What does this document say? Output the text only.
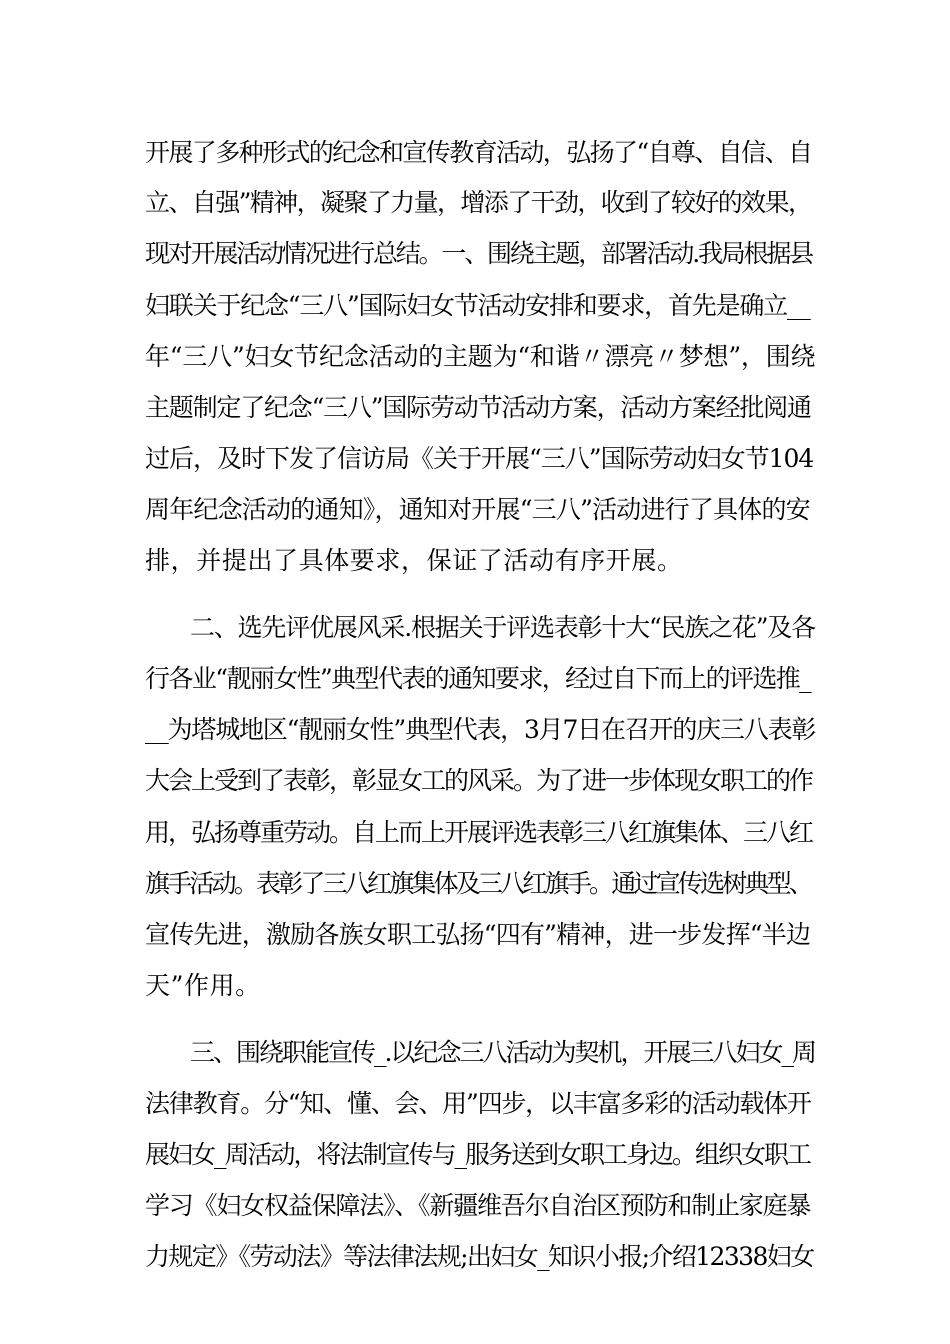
开展了多种形式的纪念和宣传教育活动，弘扬了“自尊、自信、自
立、自强”精神，凝聚了力量，增添了干劲，收到了较好的效果，
现对开展活动情况进行总结。一、围绕主题，部署活动.我局根据县
妇联关于纪念“三八”国际妇女节活动安排和要求，首先是确立__
年“三八”妇女节纪念活动的主题为“和谐〃漂亮〃梦想”，围绕
主题制定了纪念“三八”国际劳动节活动方案，活动方案经批阅通
过后，及时下发了信访局《关于开展“三八”国际劳动妇女节104
周年纪念活动的通知》，通知对开展“三八”活动进行了具体的安
排，并提出了具体要求，保证了活动有序开展。
二、选先评优展风采.根据关于评选表彰十大“民族之花”及各
行各业“靓丽女性”典型代表的通知要求，经过自下而上的评选推_
__为塔城地区“靓丽女性”典型代表，3月7日在召开的庆三八表彰
大会上受到了表彰，彰显女工的风采。为了进一步体现女职工的作
用，弘扬尊重劳动。自上而上开展评选表彰三八红旗集体、三八红
旗手活动。表彰了三八红旗集体及三八红旗手。通过宣传选树典型、
宣传先进，激励各族女职工弘扬“四有”精神，进一步发挥“半边
天”作用。
三、围绕职能宣传_.以纪念三八活动为契机，开展三八妇女_周
法律教育。分“知、懂、会、用”四步，以丰富多彩的活动载体开
展妇女_周活动，将法制宣传与_服务送到女职工身边。组织女职工
学习《妇女权益保障法》、《新疆维吾尔自治区预防和制止家庭暴
力规定》《劳动法》等法律法规;出妇女_知识小报;介绍12338妇女
